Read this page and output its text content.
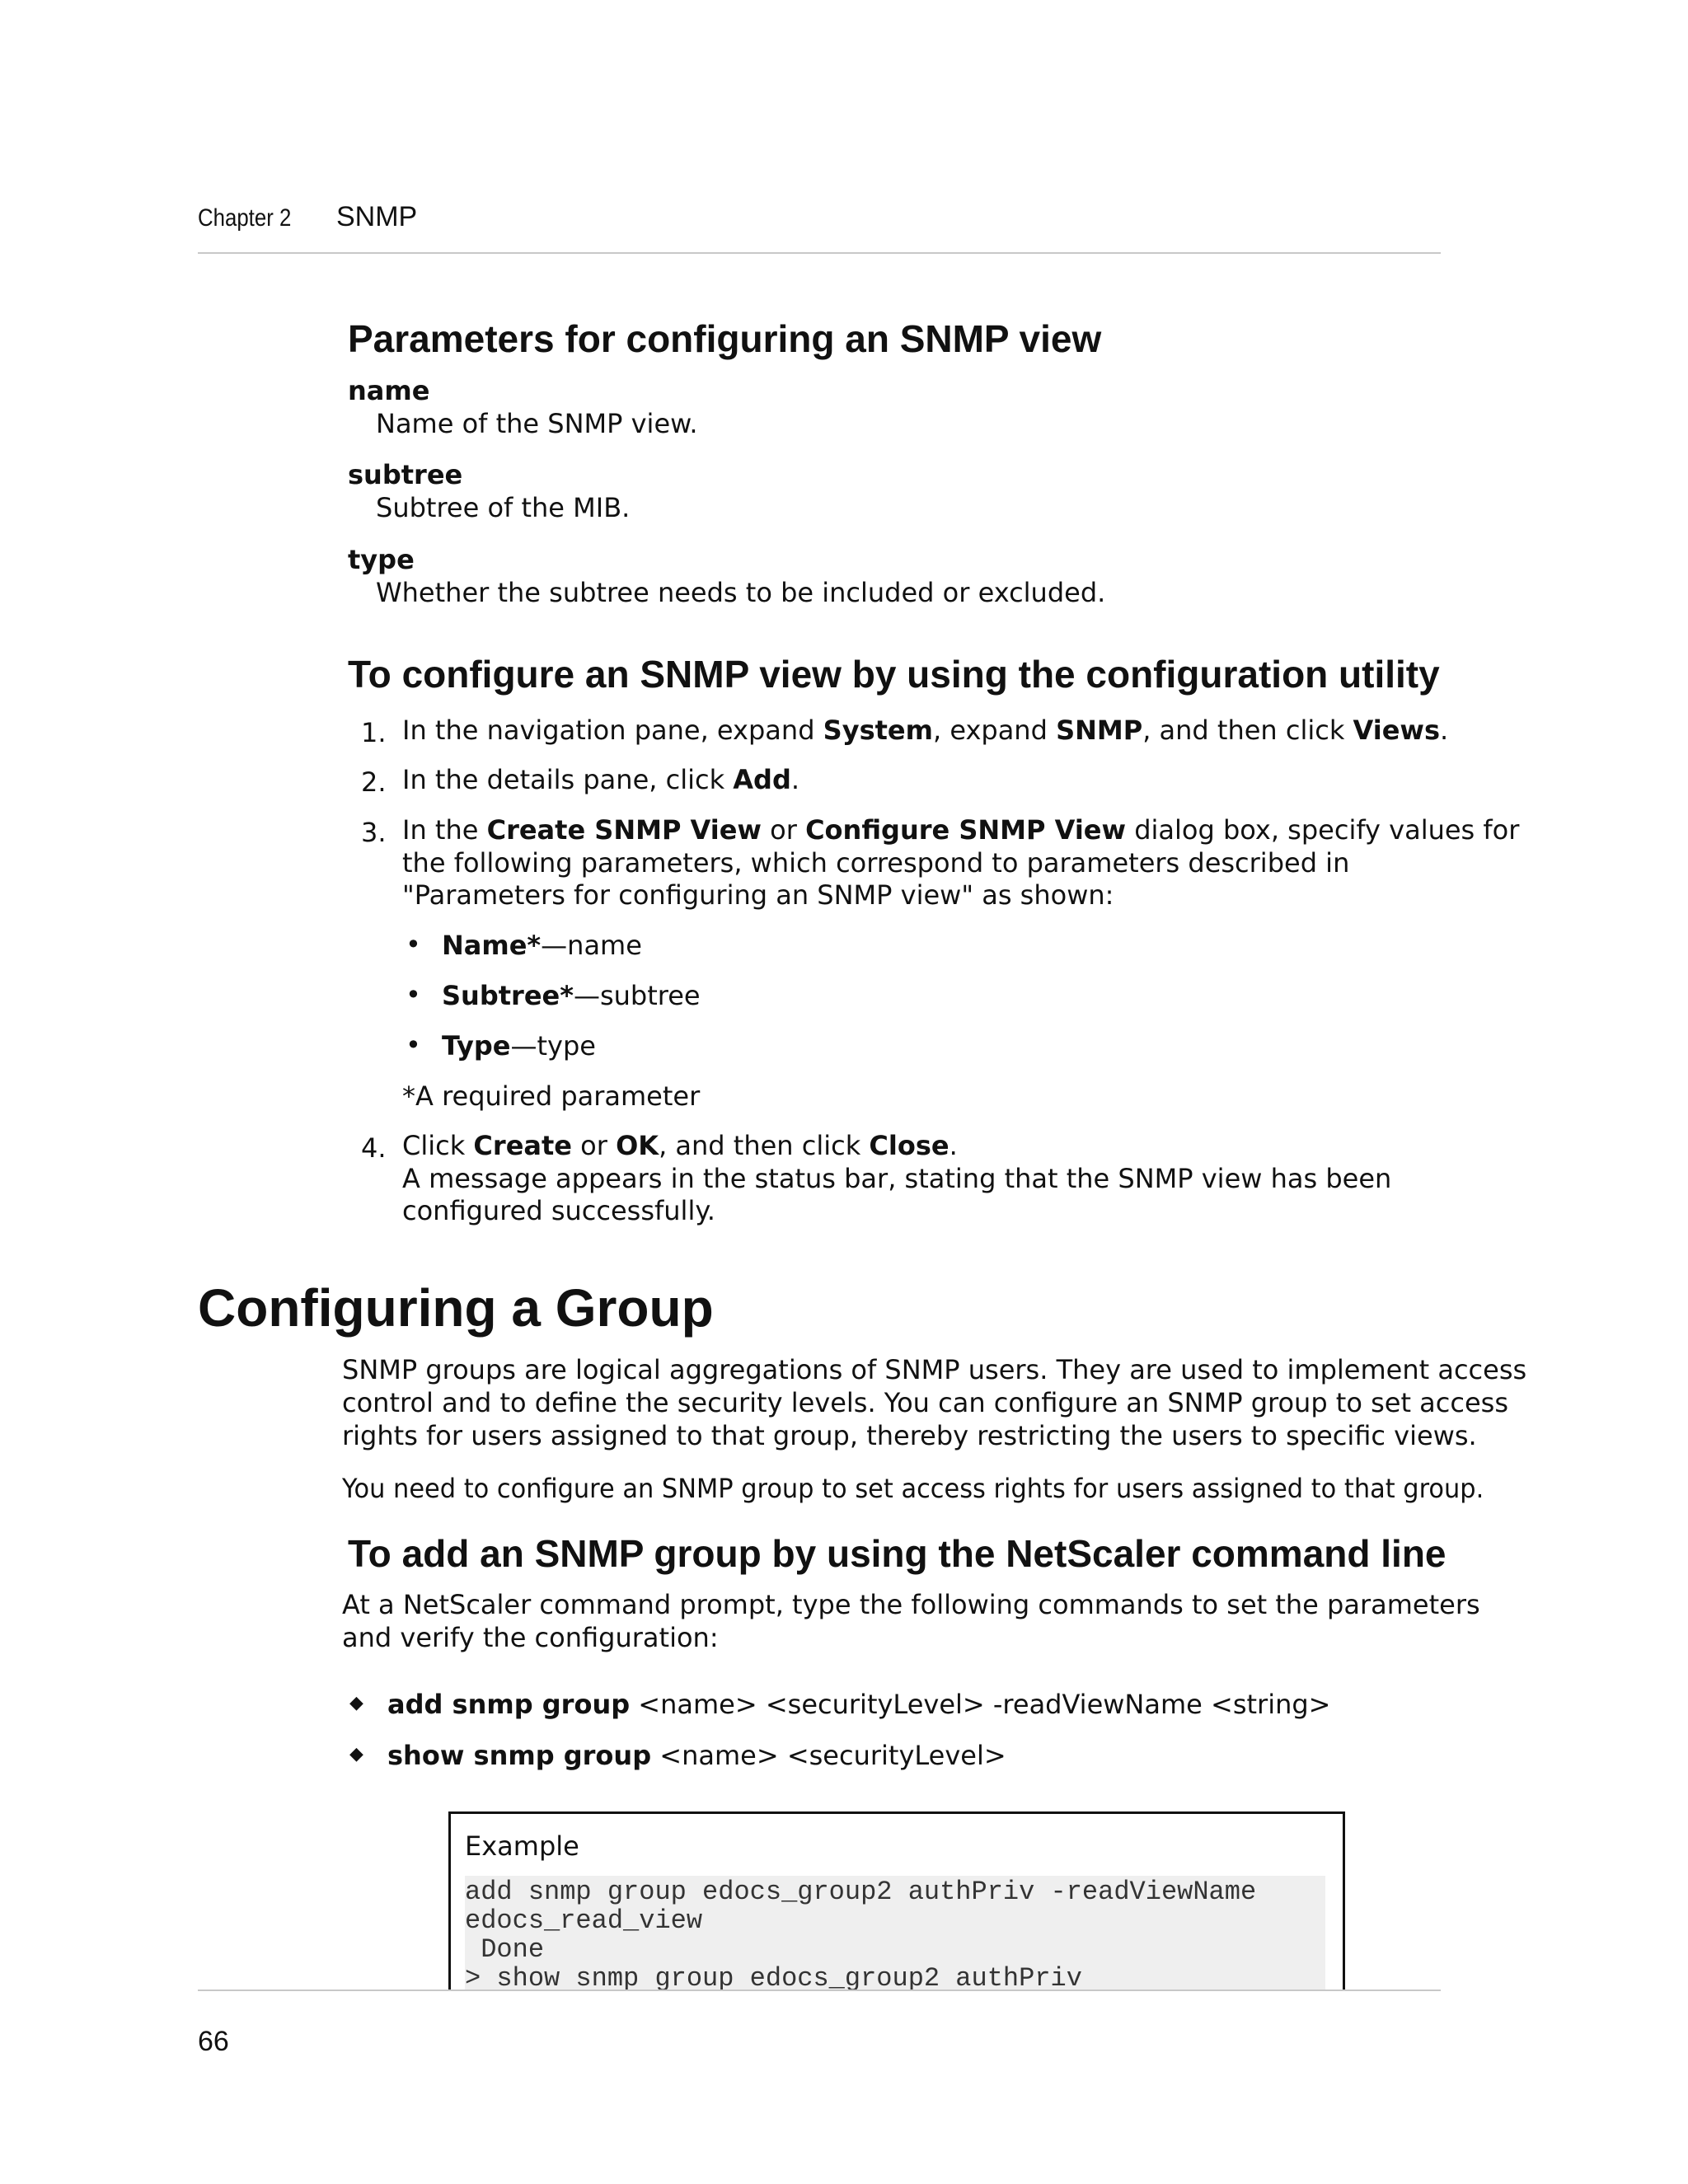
Chapter 2 SNMP
Parameters for configuring an SNMP view
name
Name of the SNMP view.
subtree
Subtree of the MIB.
type
Whether the subtree needs to be included or excluded.
To configure an SNMP view by using the configuration utility
1. In the navigation pane, expand System, expand SNMP, and then click Views.
2. In the details pane, click Add.
3. In the Create SNMP View or Configure SNMP View dialog box, specify values for
the following parameters, which correspond to parameters described in
"Parameters for configuring an SNMP view" as shown:
• Name*—name
• Subtree*—subtree
• Type—type
*A required parameter
4. Click Create or OK, and then click Close.
A message appears in the status bar, stating that the SNMP view has been
configured successfully.
Configuring a Group
SNMP groups are logical aggregations of SNMP users. They are used to implement access
control and to define the security levels. You can configure an SNMP group to set access
rights for users assigned to that group, thereby restricting the users to specific views.
You need to configure an SNMP group to set access rights for users assigned to that group.
To add an SNMP group by using the NetScaler command line
At a NetScaler command prompt, type the following commands to set the parameters
and verify the configuration:
◆ add snmp group <name> <securityLevel> -readViewName <string>
◆ show snmp group <name> <securityLevel>
Example
add snmp group edocs_group2 authPriv -readViewName
edocs_read_view
Done
> show snmp group edocs_group2 authPriv
66
